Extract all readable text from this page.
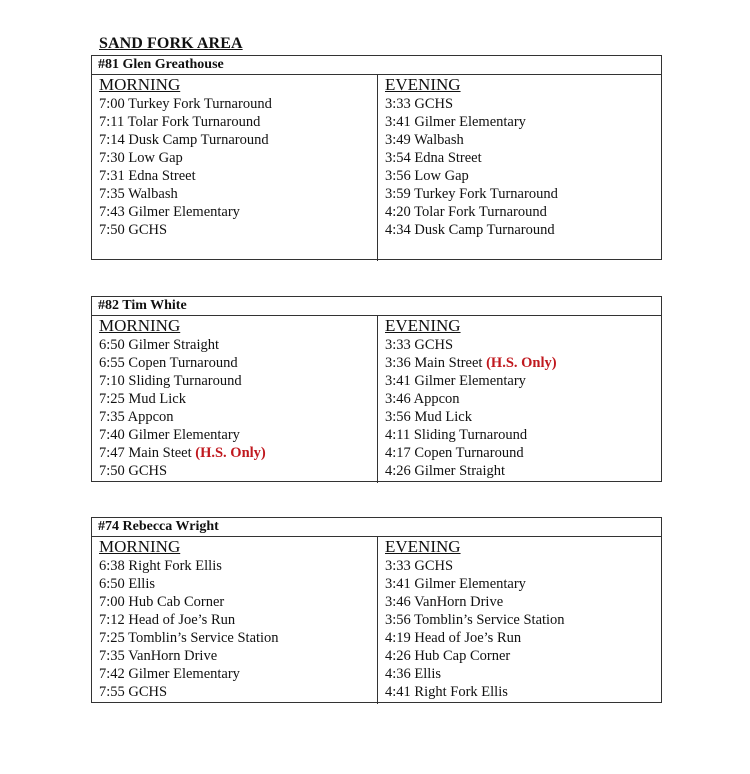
SAND FORK AREA
#81 Glen Greathouse
MORNING
7:00 Turkey Fork Turnaround
7:11 Tolar Fork Turnaround
7:14 Dusk Camp Turnaround
7:30 Low Gap
7:31 Edna Street
7:35 Walbash
7:43 Gilmer Elementary
7:50 GCHS
EVENING
3:33 GCHS
3:41 Gilmer Elementary
3:49 Walbash
3:54 Edna Street
3:56 Low Gap
3:59 Turkey Fork Turnaround
4:20 Tolar Fork Turnaround
4:34 Dusk Camp Turnaround
#82 Tim White
MORNING
6:50 Gilmer Straight
6:55 Copen Turnaround
7:10 Sliding Turnaround
7:25 Mud Lick
7:35 Appcon
7:40 Gilmer Elementary
7:47 Main Steet (H.S. Only)
7:50 GCHS
EVENING
3:33 GCHS
3:36 Main Street (H.S. Only)
3:41 Gilmer Elementary
3:46 Appcon
3:56 Mud Lick
4:11 Sliding Turnaround
4:17 Copen Turnaround
4:26 Gilmer Straight
#74 Rebecca Wright
MORNING
6:38 Right Fork Ellis
6:50 Ellis
7:00 Hub Cab Corner
7:12 Head of Joe’s Run
7:25 Tomblin’s Service Station
7:35 VanHorn Drive
7:42 Gilmer Elementary
7:55 GCHS
EVENING
3:33 GCHS
3:41 Gilmer Elementary
3:46 VanHorn Drive
3:56 Tomblin’s Service Station
4:19 Head of Joe’s Run
4:26 Hub Cap Corner
4:36 Ellis
4:41 Right Fork Ellis
